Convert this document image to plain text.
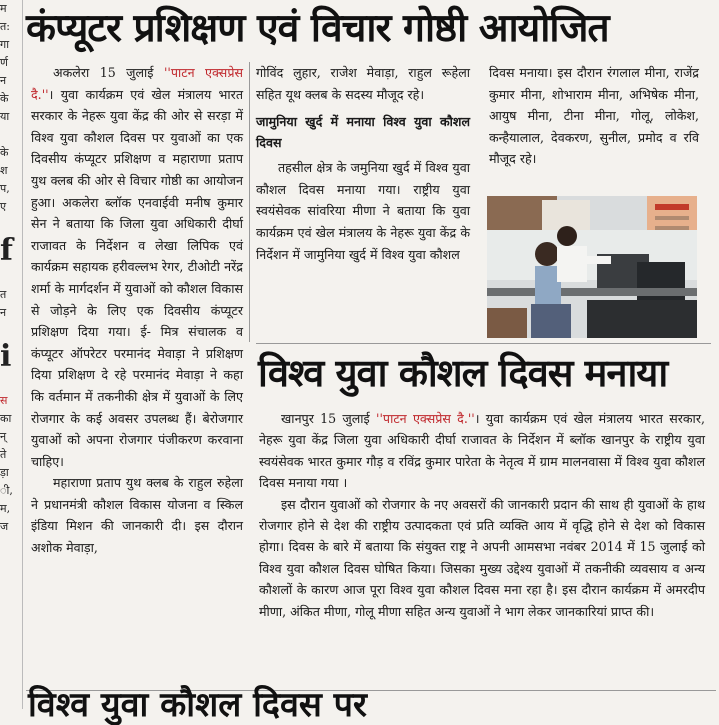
म
त:
गा
र्ण
न
के
या

के
श
प,
ए

f

त
न

i

स
का
न्
ते
ड़ा
ी,
म,
ज
कंप्यूटर प्रशिक्षण एवं विचार गोष्ठी आयोजित

अकलेरा 15 जुलाई ''पाटन एक्सप्रेस दै.''। युवा कार्यक्रम एवं खेल मंत्रालय भारत सरकार के नेहरू युवा केंद्र की ओर से सरड़ा में विश्व युवा कौशल दिवस पर युवाओं का एक दिवसीय कंप्यूटर प्रशिक्षण व महाराणा प्रताप युथ क्लब की ओर से विचार गोष्ठी का आयोजन हुआ। अकलेरा ब्लॉक एनवाईवी मनीष कुमार सेन ने बताया कि जिला युवा अधिकारी दीर्घा राजावत के निर्देशन व लेखा लिपिक एवं कार्यक्रम सहायक हरीवल्लभ रेगर, टीओटी नरेंद्र शर्मा के मार्गदर्शन में युवाओं को कौशल विकास से जोड़ने के लिए एक दिवसीय कंप्यूटर प्रशिक्षण दिया गया। ई- मित्र संचालक व कंप्यूटर ऑपरेटर परमानंद मेवाड़ा ने प्रशिक्षण दिया प्रशिक्षण दे रहे परमानंद मेवाड़ा ने कहा कि वर्तमान में तकनीकी क्षेत्र में युवाओं के लिए रोजगार के कई अवसर उपलब्ध हैं। बेरोजगार युवाओं को अपना रोजगार पंजीकरण करवाना चाहिए।

महाराणा प्रताप युथ क्लब के राहुल रुहेला ने प्रधानमंत्री कौशल विकास योजना व स्किल इंडिया मिशन की जानकारी दी। इस दौरान अशोक मेवाड़ा,

गोविंद लुहार, राजेश मेवाड़ा, राहुल रूहेला सहित यूथ क्लब के सदस्य मौजूद रहे।

जामुनिया खुर्द में मनाया विश्व युवा कौशल दिवस

तहसील क्षेत्र के जमुनिया खुर्द में विश्व युवा कौशल दिवस मनाया गया। राष्ट्रीय युवा स्वयंसेवक सांवरिया मीणा ने बताया कि युवा कार्यक्रम एवं खेल मंत्रालय के नेहरू युवा केंद्र के निर्देशन में जामुनिया खुर्द में विश्व युवा कौशल

दिवस मनाया। इस दौरान रंगलाल मीना, राजेंद्र कुमार मीना, शोभाराम मीना, अभिषेक मीना, आयुष मीना, टीना मीना, गोलू, लोकेश, कन्हैयालाल, देवकरण, सुनील, प्रमोद व रवि मौजूद रहे।

विश्व युवा कौशल दिवस मनाया

खानपुर 15 जुलाई ''पाटन एक्सप्रेस दै.''। युवा कार्यक्रम एवं खेल मंत्रालय भारत सरकार, नेहरू युवा केंद्र जिला युवा अधिकारी दीर्घा राजावत के निर्देशन में ब्लॉक खानपुर के राष्ट्रीय युवा स्वयंसेवक भारत कुमार गौड़ व रविंद्र कुमार पारेता के नेतृत्व में ग्राम मालनवासा में विश्व युवा कौशल दिवस मनाया गया ।

इस दौरान युवाओं को रोजगार के नए अवसरों की जानकारी प्रदान की साथ ही युवाओं के हाथ रोजगार होने से देश की राष्ट्रीय उत्पादकता एवं प्रति व्यक्ति आय में वृद्धि होने से देश को विकास होगा। दिवस के बारे में बताया कि संयुक्त राष्ट्र ने अपनी आमसभा नवंबर 2014 में 15 जुलाई को विश्व युवा कौशल दिवस घोषित किया। जिसका मुख्य उद्देश्य युवाओं में तकनीकी व्यवसाय व अन्य कौशलों के कारण आज पूरा विश्व युवा कौशल दिवस मना रहा है। इस दौरान कार्यक्रम में अमरदीप मीणा, अंकित मीणा, गोलू मीणा सहित अन्य युवाओं ने भाग लेकर जानकारियां प्राप्त की।

विश्व युवा कौशल दिवस पर
